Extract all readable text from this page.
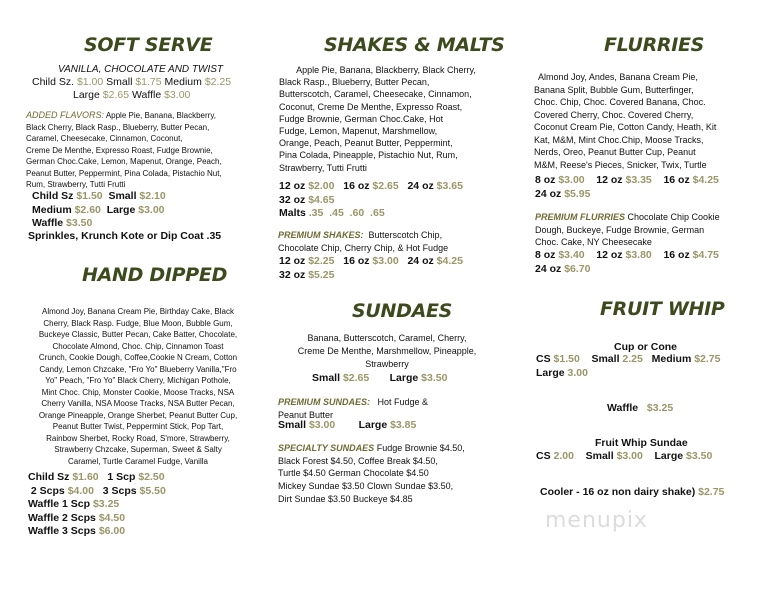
SOFT SERVE
VANILLA, CHOCOLATE AND TWIST
Child Sz. $1.00 Small $1.75 Medium $2.25
Large $2.65 Waffle $3.00
ADDED FLAVORS: Apple Pie, Banana, Blackberry,
Black Cherry, Black Rasp., Blueberry, Butter Pecan,
Caramel, Cheesecake, Cinnamon, Coconut,
Creme De Menthe, Expresso Roast, Fudge Brownie,
German Choc.Cake, Lemon, Mapenut, Orange, Peach,
Peanut Butter, Peppermint, Pina Colada, Pistachio Nut,
Rum, Strawberry, Tutti Frutti
Child Sz $1.50 Small $2.10
Medium $2.60 Large $3.00
Waffle $3.50
Sprinkles, Krunch Kote or Dip Coat .35
HAND DIPPED
Almond Joy, Banana Cream Pie, Birthday Cake, Black
Cherry, Black Rasp. Fudge, Blue Moon, Bubble Gum,
Buckeye Classic, Butter Pecan, Cake Batter, Chocolate,
Chocolate Almond, Choc. Chip, Cinnamon Toast
Crunch, Cookie Dough, Coffee,Cookie N Cream, Cotton
Candy, Lemon Chzcake, "Fro Yo" Blueberry Vanilla,"Fro
Yo" Peach, "Fro Yo" Black Cherry, Michigan Pothole,
Mint Choc. Chip, Monster Cookie, Moose Tracks, NSA
Cherry Vanilla, NSA Moose Tracks, NSA Butter Pecan,
Orange Pineapple, Orange Sherbet, Peanut Butter Cup,
Peanut Butter Twist, Peppermint Stick, Pop Tart,
Rainbow Sherbet, Rocky Road, S'more, Strawberry,
Strawberry Chzcake, Superman, Sweet & Salty
Caramel, Turtle Caramel Fudge, Vanilla
Child Sz $1.60 1 Scp $2.50
2 Scps $4.00 3 Scps $5.50
Waffle 1 Scp $3.25
Waffle 2 Scps $4.50
Waffle 3 Scps $6.00
SHAKES & MALTS
Apple Pie, Banana, Blackberry, Black Cherry,
Black Rasp., Blueberry, Butter Pecan,
Butterscotch, Caramel, Cheesecake, Cinnamon,
Coconut, Creme De Menthe, Expresso Roast,
Fudge Brownie, German Choc.Cake, Hot
Fudge, Lemon, Mapenut, Marshmellow,
Orange, Peach, Peanut Butter, Peppermint,
Pina Colada, Pineapple, Pistachio Nut, Rum,
Strawberry, Tutti Frutti
12 oz $2.00 16 oz $2.65 24 oz $3.65
32 oz $4.65
Malts .35  .45  .60  .65
PREMIUM SHAKES: Butterscotch Chip,
Chocolate Chip, Cherry Chip, & Hot Fudge
12 oz $2.25 16 oz $3.00 24 oz $4.25
32 oz $5.25
SUNDAES
Banana, Butterscotch, Caramel, Cherry,
Creme De Menthe, Marshmellow, Pineapple,
Strawberry
Small $2.65 Large $3.50
PREMIUM SUNDAES: Hot Fudge &
Peanut Butter
Small $3.00 Large $3.85
SPECIALTY SUNDAES Fudge Brownie $4.50,
Black Forest $4.50, Coffee Break $4.50,
Turtle $4.50 German Chocolate $4.50
Mickey Sundae $3.50 Clown Sundae $3.50,
Dirt Sundae $3.50 Buckeye $4.85
FLURRIES
Almond Joy, Andes, Banana Cream Pie,
Banana Split, Bubble Gum, Butterfinger,
Choc. Chip, Choc. Covered Banana, Choc.
Covered Cherry, Choc. Covered Cherry,
Coconut Cream Pie, Cotton Candy, Heath, Kit
Kat, M&M, Mint Choc.Chip, Moose Tracks,
Nerds, Oreo, Peanut Butter Cup, Peanut
M&M, Reese's Pieces, Snicker, Twix, Turtle
8 oz $3.00 12 oz $3.35 16 oz $4.25
24 oz $5.95
PREMIUM FLURRIES Chocolate Chip Cookie
Dough, Buckeye, Fudge Brownie, German
Choc. Cake, NY Cheesecake
8 oz $3.40 12 oz $3.80 16 oz $4.75
24 oz $6.70
FRUIT WHIP
Cup or Cone
CS $1.50 Small 2.25 Medium $2.75
Large 3.00
Waffle $3.25
Fruit Whip Sundae
CS 2.00 Small $3.00 Large $3.50
Cooler - 16 oz non dairy shake) $2.75
menupix
